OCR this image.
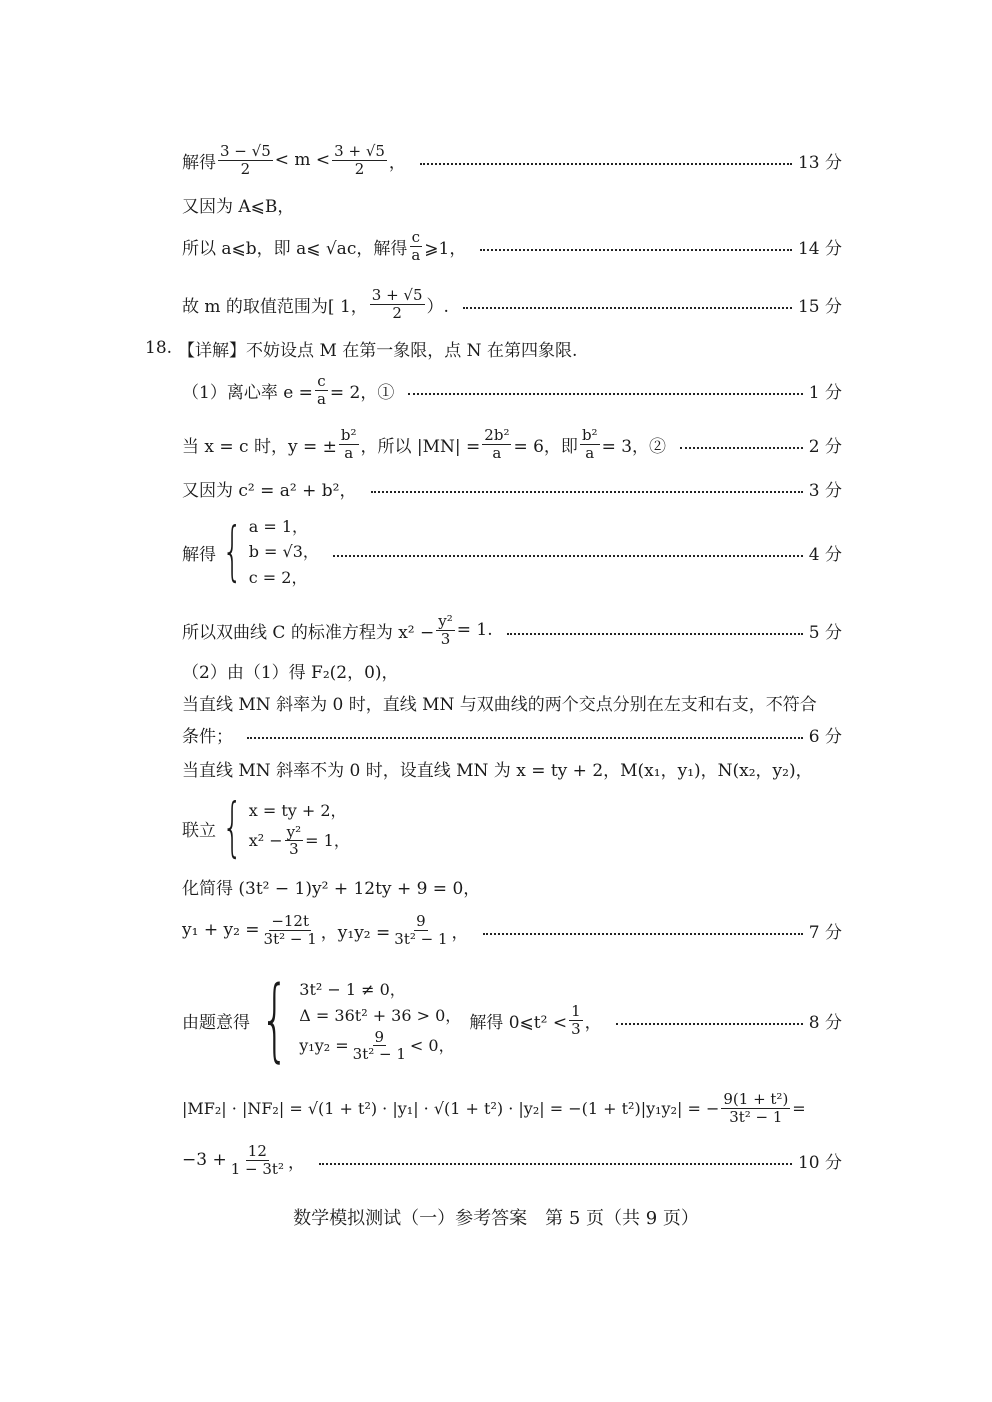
解得 $\frac{3 - √5}{2} < m < \frac{3 + √5}{2}$ ，	13 分
又因为 A⩽B，
所以 a⩽b，即 a⩽ √ac，解得 $\frac{c}{a}$ ⩾1，	14 分
故 m 的取值范围为[ 1， $\frac{3 + √5}{2}$ ）.	15 分
18. 【详解】不妨设点 M 在第一象限，点 N 在第四象限.
（1）离心率 $e = \frac{c}{a} = 2$，①	1 分
当 x = c 时，y = ± $\frac{\text{b²}}{a}$ ，所以 $|MN| = \frac{\text{2b²}}{a} = 6$，即 $\frac{\text{b²}}{a} = 3$，②	2 分
又因为 c² = a² + b²，	3 分
解得 { a = 1，
b = √3，
c = 2，
4 分
所以双曲线 C 的标准方程为 $x^2 - \frac{\text{y²}}{3} = 1$.	5 分
（2）由（1）得 F₂(2，0)，
当直线 MN 斜率为 0 时，直线 MN 与双曲线的两个交点分别在左支和右支，不符合
条件；	6 分
当直线 MN 斜率不为 0 时，设直线 MN 为 x = ty + 2，M(x₁，y₁)，N(x₂，y₂)，
联立 { x = ty + 2，
$x^2 - \frac{\text{y²}}{3} = 1$，
化简得 (3t² − 1)y² + 12ty + 9 = 0，
$y_1 + y_2 = \frac{-12t}{\text{3t² − 1}}$ ，$y_1y_2 = \frac{9}{\text{3t² − 1}}$ ，	7 分
由题意得 { 3t² − 1 ≠ 0，
Δ = 36t² + 36 > 0，
$y_1y_2 = \frac{9}{\text{3t² − 1}} < 0$，
解得 0⩽t² < $\frac{1}{3}$ ，	8 分
|MF₂| · |NF₂| = √(1 + t²) · |y₁| · √(1 + t²) · |y₂| = −(1 + t²)|y₁y₂| = − $\frac{\text{9(1 + t²)}}{\text{3t² − 1}}$ =
$-3 + \frac{12}{\text{1 − 3t²}}$ ，	10 分
数学模拟测试（一）参考答案　第 5 页（共 9 页）
